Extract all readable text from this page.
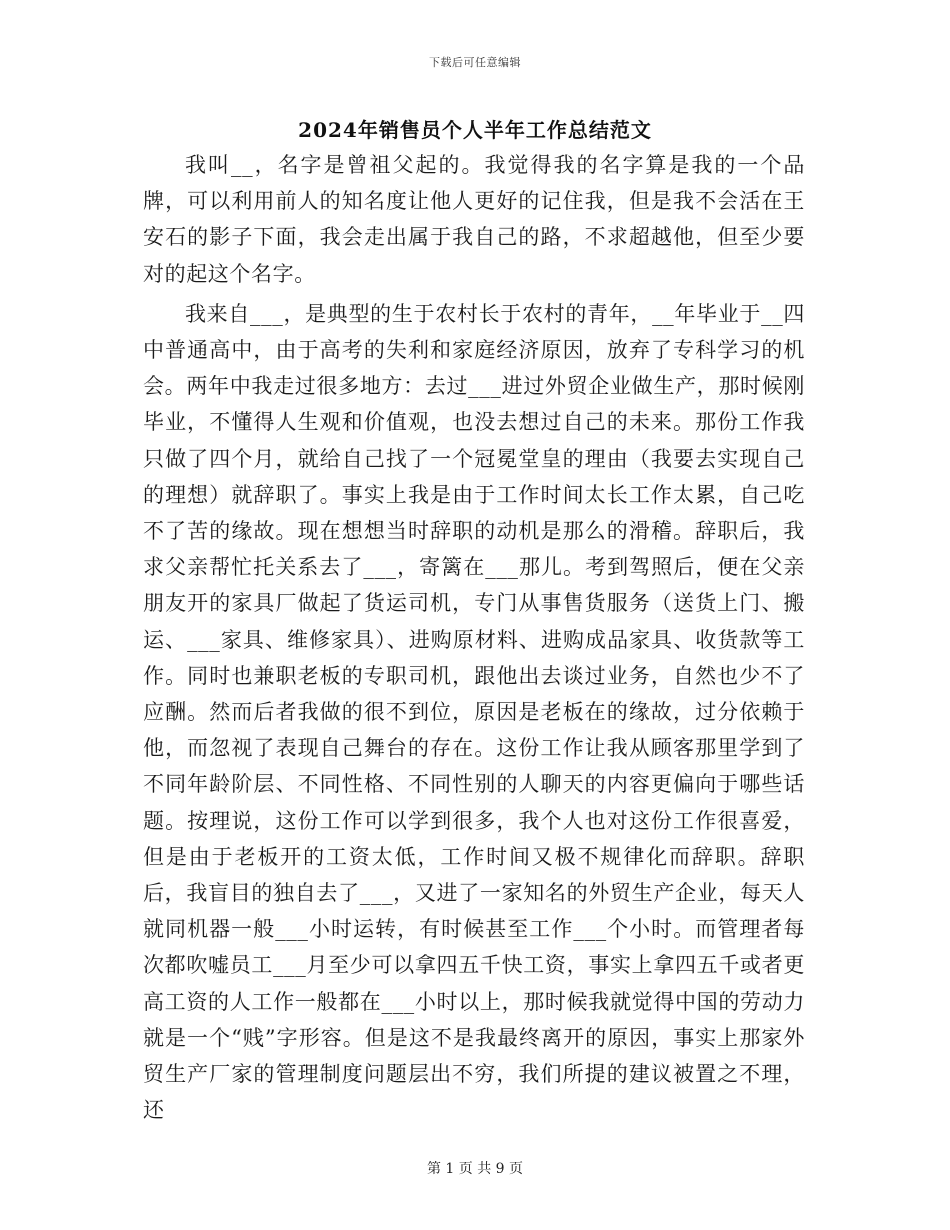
下载后可任意编辑
2024年销售员个人半年工作总结范文

我叫__，名字是曾祖父起的。我觉得我的名字算是我的一个品牌，可以利用前人的知名度让他人更好的记住我，但是我不会活在王安石的影子下面，我会走出属于我自己的路，不求超越他，但至少要对的起这个名字。

我来自___，是典型的生于农村长于农村的青年，__年毕业于__四中普通高中，由于高考的失利和家庭经济原因，放弃了专科学习的机会。两年中我走过很多地方：去过___进过外贸企业做生产，那时候刚毕业，不懂得人生观和价值观，也没去想过自己的未来。那份工作我只做了四个月，就给自己找了一个冠冕堂皇的理由（我要去实现自己的理想）就辞职了。事实上我是由于工作时间太长工作太累，自己吃不了苦的缘故。现在想想当时辞职的动机是那么的滑稽。辞职后，我求父亲帮忙托关系去了___，寄篱在___那儿。考到驾照后，便在父亲朋友开的家具厂做起了货运司机，专门从事售货服务（送货上门、搬运、___家具、维修家具）、进购原材料、进购成品家具、收货款等工作。同时也兼职老板的专职司机，跟他出去谈过业务，自然也少不了应酬。然而后者我做的很不到位，原因是老板在的缘故，过分依赖于他，而忽视了表现自己舞台的存在。这份工作让我从顾客那里学到了不同年龄阶层、不同性格、不同性别的人聊天的内容更偏向于哪些话题。按理说，这份工作可以学到很多，我个人也对这份工作很喜爱，但是由于老板开的工资太低，工作时间又极不规律化而辞职。辞职后，我盲目的独自去了___，又进了一家知名的外贸生产企业，每天人就同机器一般___小时运转，有时候甚至工作___个小时。而管理者每次都吹嘘员工___月至少可以拿四五千快工资，事实上拿四五千或者更高工资的人工作一般都在___小时以上，那时候我就觉得中国的劳动力就是一个“贱”字形容。但是这不是我最终离开的原因，事实上那家外贸生产厂家的管理制度问题层出不穷，我们所提的建议被置之不理，还

第 1 页 共 9 页
